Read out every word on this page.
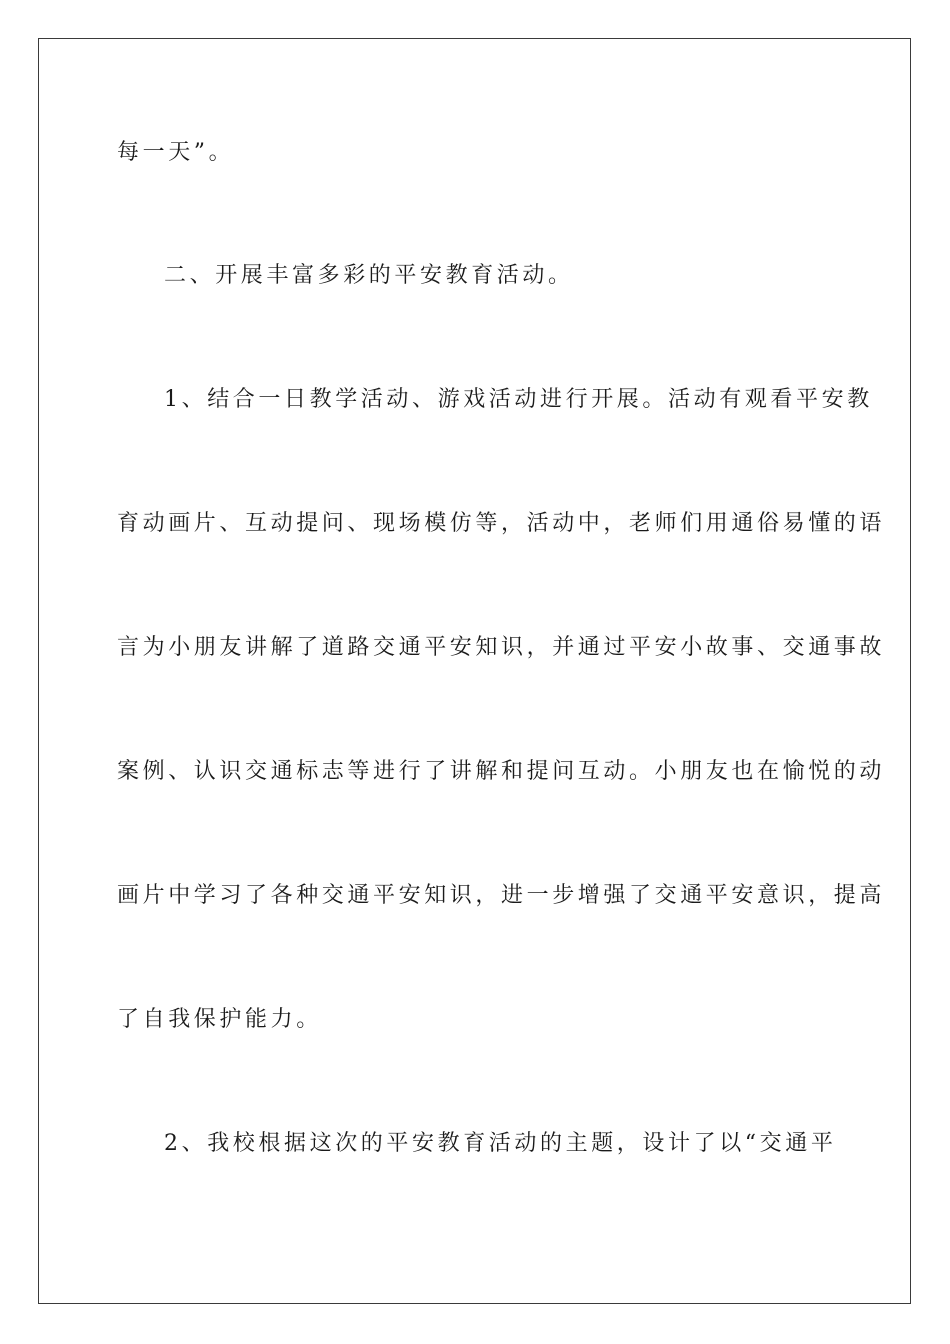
每一天”。
二、开展丰富多彩的平安教育活动。
1、结合一日教学活动、游戏活动进行开展。活动有观看平安教
育动画片、互动提问、现场模仿等，活动中，老师们用通俗易懂的语
言为小朋友讲解了道路交通平安知识，并通过平安小故事、交通事故
案例、认识交通标志等进行了讲解和提问互动。小朋友也在愉悦的动
画片中学习了各种交通平安知识，进一步增强了交通平安意识，提高
了自我保护能力。
2、我校根据这次的平安教育活动的主题，设计了以“交通平
